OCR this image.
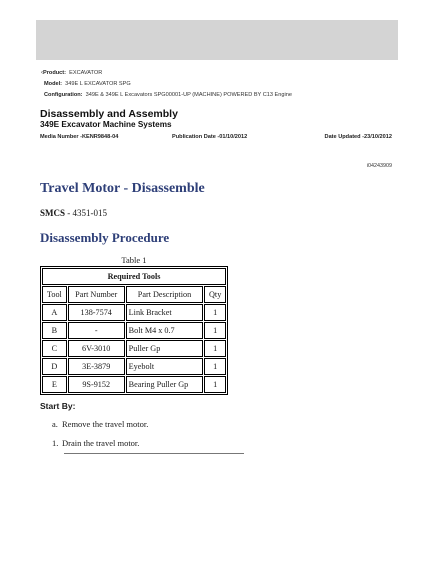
‹Product: EXCAVATOR
Model: 349E L EXCAVATOR SPG
Configuration: 349E & 349E L Excavators SPG00001-UP (MACHINE) POWERED BY C13 Engine
Disassembly and Assembly
349E Excavator Machine Systems
Media Number -KENR9848-04	Publication Date -01/10/2012	Date Updated -23/10/2012
i04243909
Travel Motor - Disassemble
SMCS - 4351-015
Disassembly Procedure
Table 1
Required Tools			
Tool	Part Number	Part Description	Qty
A	138-7574	Link Bracket	1
B	-	Bolt M4 x 0.7	1
C	6V-3010	Puller Gp	1
D	3E-3879	Eyebolt	1
E	9S-9152	Bearing Puller Gp	1
Start By:
a. Remove the travel motor.
1. Drain the travel motor.
